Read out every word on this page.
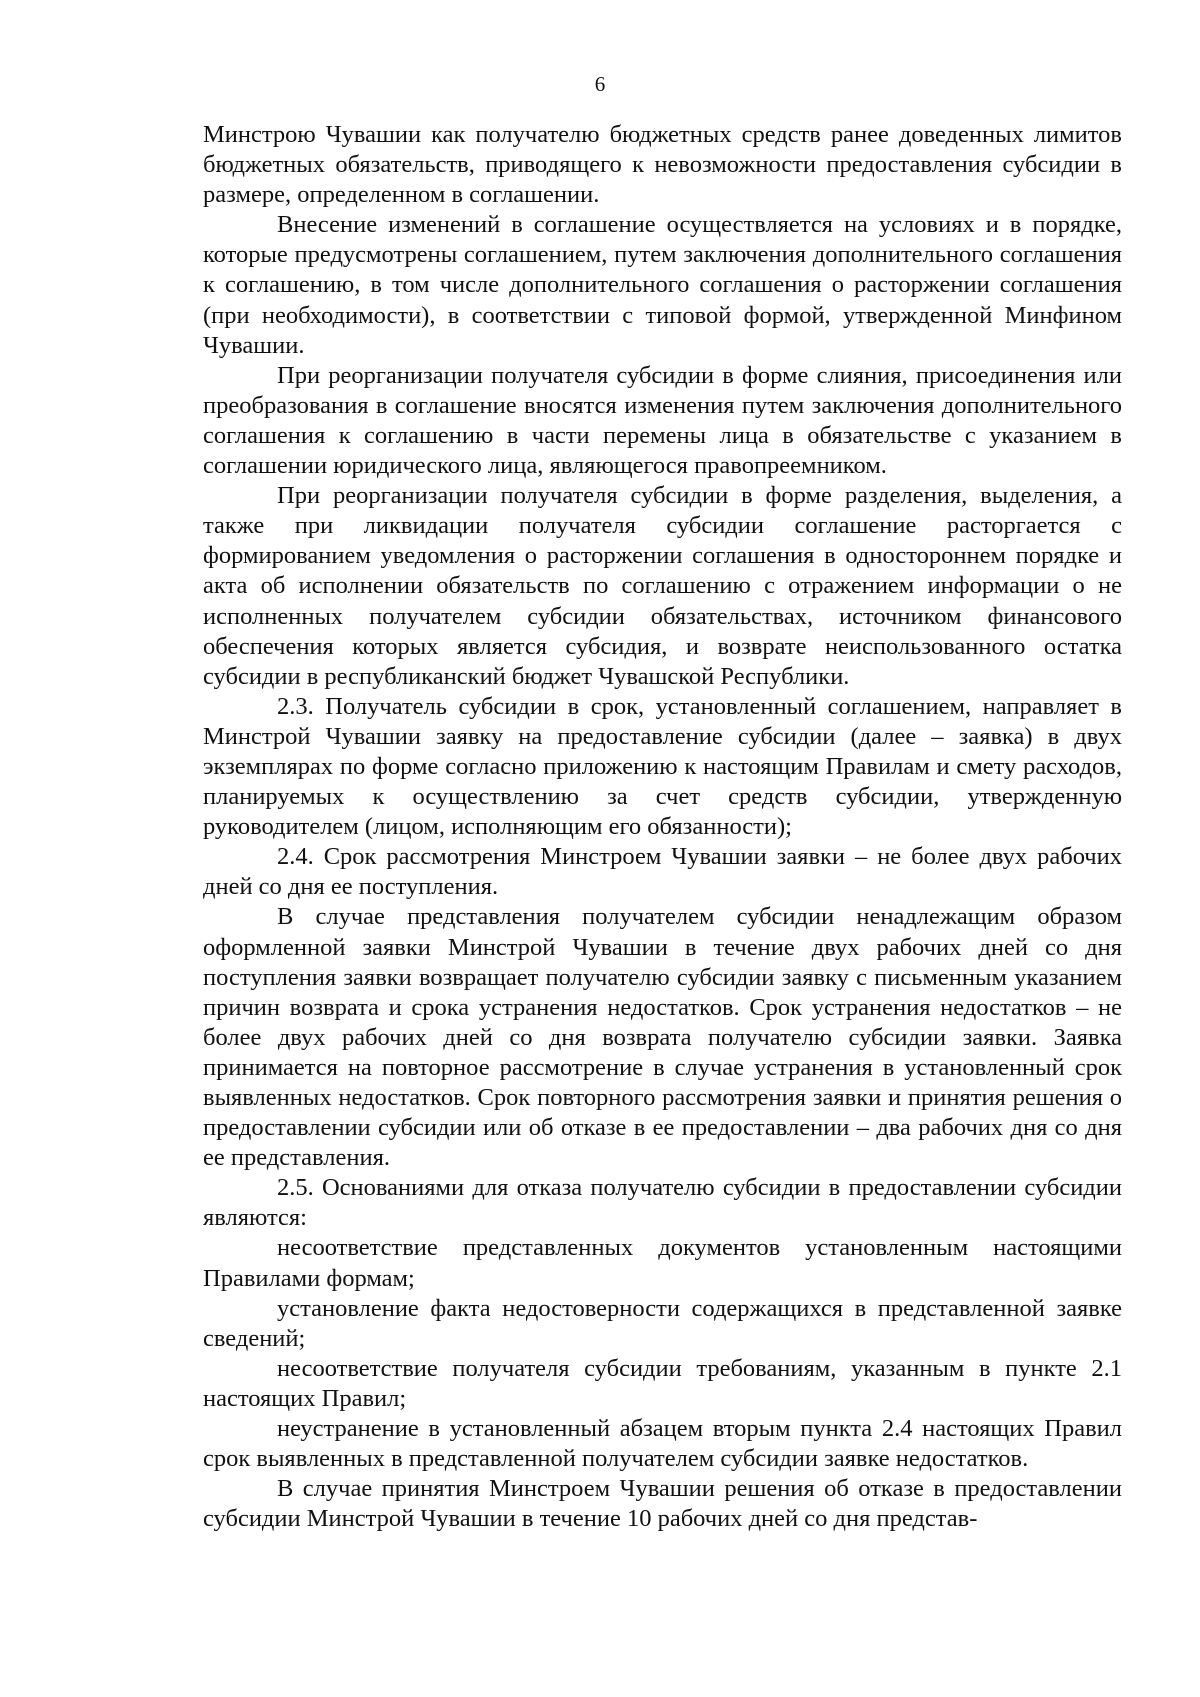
6

Минстрою Чувашии как получателю бюджетных средств ранее доведенных лимитов бюджетных обязательств, приводящего к невозможности предоставления субсидии в размере, определенном в соглашении.

Внесение изменений в соглашение осуществляется на условиях и в порядке, которые предусмотрены соглашением, путем заключения дополнительного соглашения к соглашению, в том числе дополнительного соглашения о расторжении соглашения (при необходимости), в соответствии с типовой формой, утвержденной Минфином Чувашии.

При реорганизации получателя субсидии в форме слияния, присоединения или преобразования в соглашение вносятся изменения путем заключения дополнительного соглашения к соглашению в части перемены лица в обязательстве с указанием в соглашении юридического лица, являющегося правопреемником.

При реорганизации получателя субсидии в форме разделения, выделения, а также при ликвидации получателя субсидии соглашение расторгается с формированием уведомления о расторжении соглашения в одностороннем порядке и акта об исполнении обязательств по соглашению с отражением информации о не исполненных получателем субсидии обязательствах, источником финансового обеспечения которых является субсидия, и возврате неиспользованного остатка субсидии в республиканский бюджет Чувашской Республики.

2.3. Получатель субсидии в срок, установленный соглашением, направляет в Минстрой Чувашии заявку на предоставление субсидии (далее – заявка) в двух экземплярах по форме согласно приложению к настоящим Правилам и смету расходов, планируемых к осуществлению за счет средств субсидии, утвержденную руководителем (лицом, исполняющим его обязанности);

2.4. Срок рассмотрения Минстроем Чувашии заявки – не более двух рабочих дней со дня ее поступления.

В случае представления получателем субсидии ненадлежащим образом оформленной заявки Минстрой Чувашии в течение двух рабочих дней со дня поступления заявки возвращает получателю субсидии заявку с письменным указанием причин возврата и срока устранения недостатков. Срок устранения недостатков – не более двух рабочих дней со дня возврата получателю субсидии заявки. Заявка принимается на повторное рассмотрение в случае устранения в установленный срок выявленных недостатков. Срок повторного рассмотрения заявки и принятия решения о предоставлении субсидии или об отказе в ее предоставлении – два рабочих дня со дня ее представления.

2.5. Основаниями для отказа получателю субсидии в предоставлении субсидии являются:

несоответствие представленных документов установленным настоящими Правилами формам;

установление факта недостоверности содержащихся в представленной заявке сведений;

несоответствие получателя субсидии требованиям, указанным в пункте 2.1 настоящих Правил;

неустранение в установленный абзацем вторым пункта 2.4 настоящих Правил срок выявленных в представленной получателем субсидии заявке недостатков.

В случае принятия Минстроем Чувашии решения об отказе в предоставлении субсидии Минстрой Чувашии в течение 10 рабочих дней со дня представ-
